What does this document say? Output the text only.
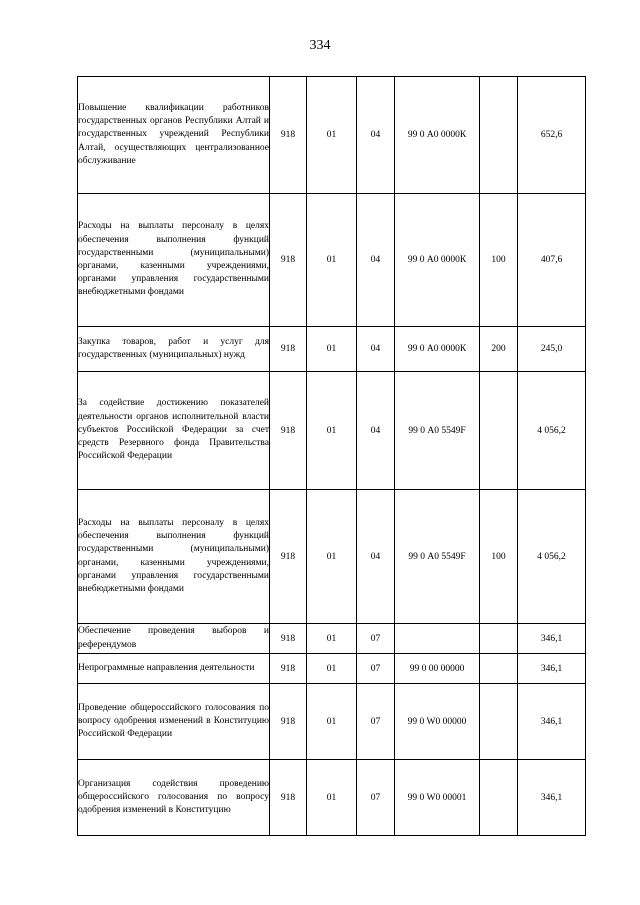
334
Повышение квалификации работников государственных органов Республики Алтай и государственных учреждений Республики Алтай, осуществляющих централизованное обслуживание	918	01	04	99 0 А0 0000К		652,6
Расходы на выплаты персоналу в целях обеспечения выполнения функций государственными (муниципальными) органами, казенными учреждениями, органами управления государственными внебюджетными фондами	918	01	04	99 0 А0 0000К	100	407,6
Закупка товаров, работ и услуг для государственных (муниципальных) нужд	918	01	04	99 0 А0 0000К	200	245,0
За содействие достижению показателей деятельности органов исполнительной власти субъектов Российской Федерации за счет средств Резервного фонда Правительства Российской Федерации	918	01	04	99 0 А0 5549F		4 056,2
Расходы на выплаты персоналу в целях обеспечения выполнения функций государственными (муниципальными) органами, казенными учреждениями, органами управления государственными внебюджетными фондами	918	01	04	99 0 А0 5549F	100	4 056,2
Обеспечение проведения выборов и референдумов	918	01	07			346,1
Непрограммные направления деятельности	918	01	07	99 0 00 00000		346,1
Проведение общероссийского голосования по вопросу одобрения изменений в Конституцию Российской Федерации	918	01	07	99 0 W0 00000		346,1
Организация содействия проведению общероссийского голосования по вопросу одобрения изменений в Конституцию	918	01	07	99 0 W0 00001		346,1
